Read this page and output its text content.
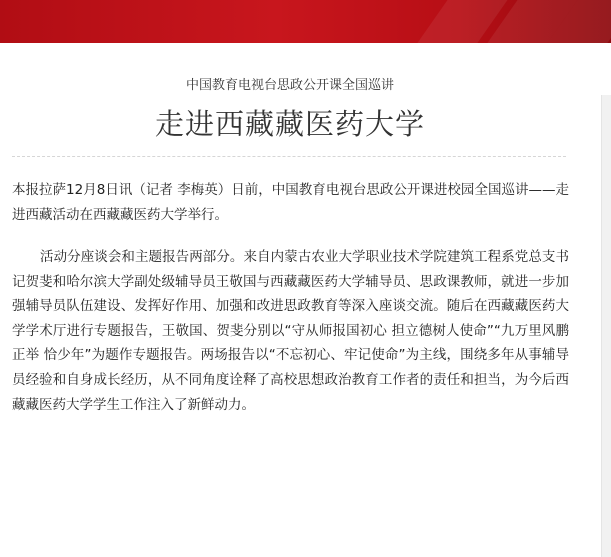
中国教育电视台思政公开课全国巡讲
走进西藏藏医药大学

本报拉萨12月8日讯（记者 李梅英）日前，中国教育电视台思政公开课进校园全国巡讲——走进西藏活动在西藏藏医药大学举行。

活动分座谈会和主题报告两部分。来自内蒙古农业大学职业技术学院建筑工程系党总支书记贺斐和哈尔滨大学副处级辅导员王敬国与西藏藏医药大学辅导员、思政课教师，就进一步加强辅导员队伍建设、发挥好作用、加强和改进思政教育等深入座谈交流。随后在西藏藏医药大学学术厅进行专题报告，王敬国、贺斐分别以“守从师报国初心 担立德树人使命”“九万里风鹏正举 恰少年”为题作专题报告。两场报告以“不忘初心、牢记使命”为主线，围绕多年从事辅导员经验和自身成长经历，从不同角度诠释了高校思想政治教育工作者的责任和担当，为今后西藏藏医药大学学生工作注入了新鲜动力。
